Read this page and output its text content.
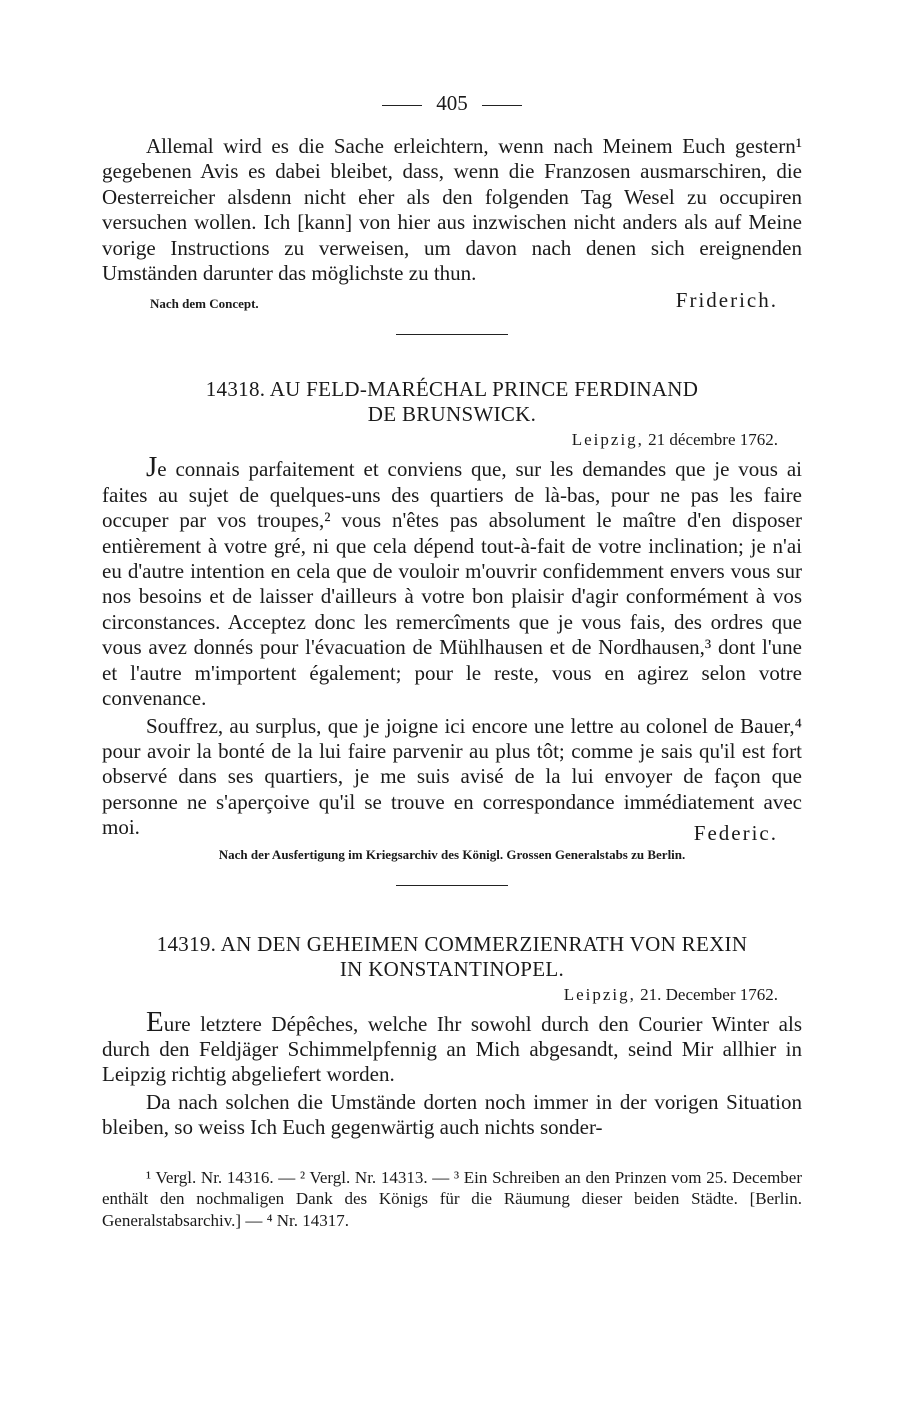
405

Allemal wird es die Sache erleichtern, wenn nach Meinem Euch gestern¹ gegebenen Avis es dabei bleibet, dass, wenn die Franzosen ausmarschiren, die Oesterreicher alsdenn nicht eher als den folgenden Tag Wesel zu occupiren versuchen wollen. Ich [kann] von hier aus inzwischen nicht anders als auf Meine vorige Instructions zu verweisen, um davon nach denen sich ereignenden Umständen darunter das möglichste zu thun.

Nach dem Concept.	Friderich.
14318. AU FELD-MARÉCHAL PRINCE FERDINAND
DE BRUNSWICK.
Leipzig, 21 décembre 1762.

Je connais parfaitement et conviens que, sur les demandes que je vous ai faites au sujet de quelques-uns des quartiers de là-bas, pour ne pas les faire occuper par vos troupes,² vous n'êtes pas absolument le maître d'en disposer entièrement à votre gré, ni que cela dépend tout-à-fait de votre inclination; je n'ai eu d'autre intention en cela que de vouloir m'ouvrir confidemment envers vous sur nos besoins et de laisser d'ailleurs à votre bon plaisir d'agir conformément à vos circonstances. Acceptez donc les remercîments que je vous fais, des ordres que vous avez donnés pour l'évacuation de Mühlhausen et de Nordhausen,³ dont l'une et l'autre m'importent également; pour le reste, vous en agirez selon votre convenance.

Souffrez, au surplus, que je joigne ici encore une lettre au colonel de Bauer,⁴ pour avoir la bonté de la lui faire parvenir au plus tôt; comme je sais qu'il est fort observé dans ses quartiers, je me suis avisé de la lui envoyer de façon que personne ne s'aperçoive qu'il se trouve en correspondance immédiatement avec moi.	Federic.
Nach der Ausfertigung im Kriegsarchiv des Königl. Grossen Generalstabs zu Berlin.
14319. AN DEN GEHEIMEN COMMERZIENRATH VON REXIN
IN KONSTANTINOPEL.
Leipzig, 21. December 1762.

Eure letztere Dépêches, welche Ihr sowohl durch den Courier Winter als durch den Feldjäger Schimmelpfennig an Mich abgesandt, seind Mir allhier in Leipzig richtig abgeliefert worden.

Da nach solchen die Umstände dorten noch immer in der vorigen Situation bleiben, so weiss Ich Euch gegenwärtig auch nichts sonder-

¹ Vergl. Nr. 14316. — ² Vergl. Nr. 14313. — ³ Ein Schreiben an den Prinzen vom 25. December enthält den nochmaligen Dank des Königs für die Räumung dieser beiden Städte. [Berlin. Generalstabsarchiv.] — ⁴ Nr. 14317.
